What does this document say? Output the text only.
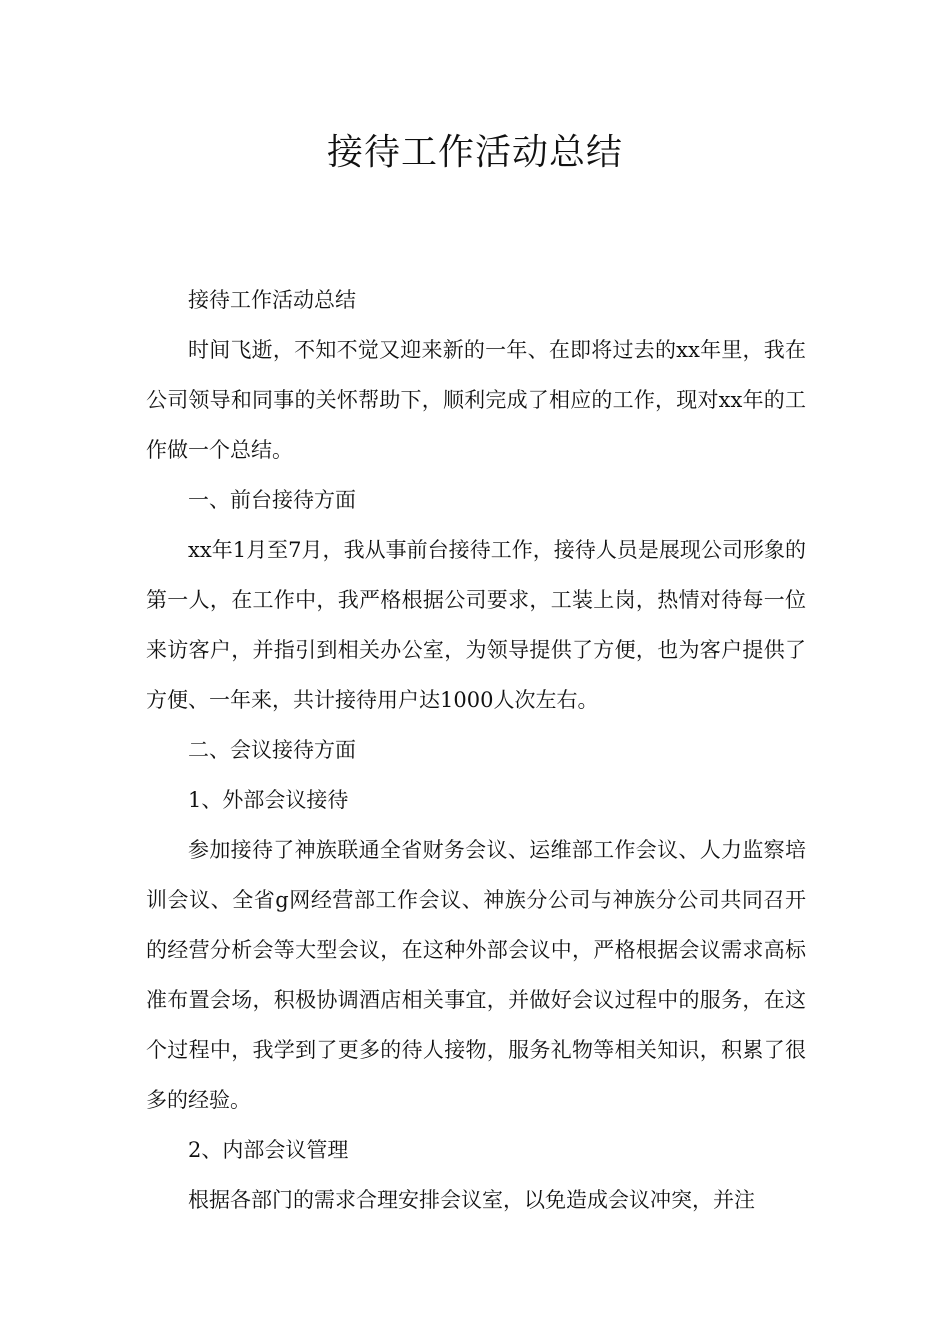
接待工作活动总结

接待工作活动总结

时间飞逝，不知不觉又迎来新的一年、在即将过去的xx年里，我在公司领导和同事的关怀帮助下，顺利完成了相应的工作，现对xx年的工作做一个总结。

一、前台接待方面

xx年1月至7月，我从事前台接待工作，接待人员是展现公司形象的第一人，在工作中，我严格根据公司要求，工装上岗，热情对待每一位来访客户，并指引到相关办公室，为领导提供了方便，也为客户提供了方便、一年来，共计接待用户达1000人次左右。

二、会议接待方面

1、外部会议接待

参加接待了神族联通全省财务会议、运维部工作会议、人力监察培训会议、全省g网经营部工作会议、神族分公司与神族分公司共同召开的经营分析会等大型会议，在这种外部会议中，严格根据会议需求高标准布置会场，积极协调酒店相关事宜，并做好会议过程中的服务，在这个过程中，我学到了更多的待人接物，服务礼物等相关知识，积累了很多的经验。

2、内部会议管理

根据各部门的需求合理安排会议室，以免造成会议冲突，并注
